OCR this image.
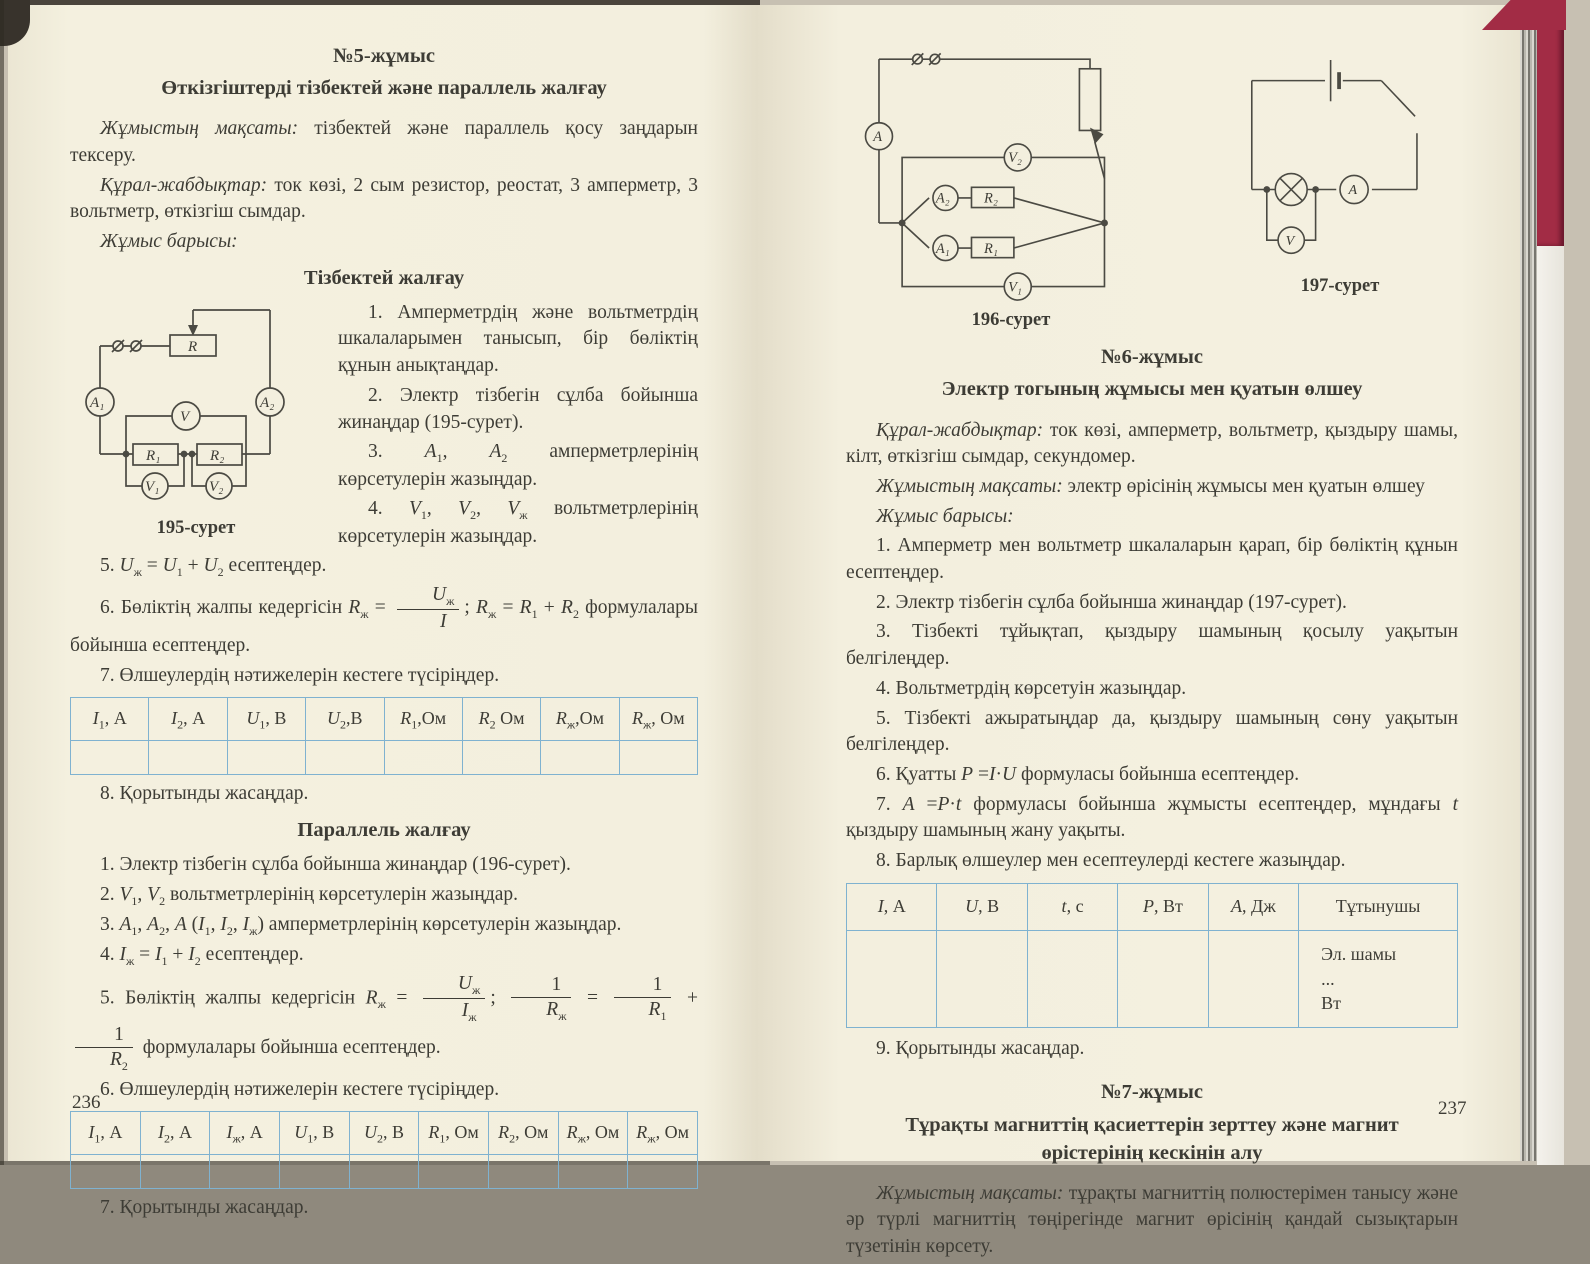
№5-жұмыс

Өткізгіштерді тізбектей және параллель жалғау

Жұмыстың мақсаты: тізбектей және параллель қосу заңдарын тексеру.

Құрал-жабдықтар: ток көзі, 2 сым резистор, реостат, 3 амперметр, 3 вольтметр, өткізгіш сымдар.

Жұмыс барысы:

Тізбектей жалғау

R
R₁	R₂
A₁	A₂
V
V₁	V₂
195-сурет

1. Амперметрдің және вольтметрдің шкалаларымен танысып, бір бөліктің құнын анықтаңдар.

2. Электр тізбегін сұлба бойынша жинаңдар (195-сурет).

3. $A_1$, $A_2$ амперметрлерінің көрсетулерін жазыңдар.

4. $V_1$, $V_2$, $V_ж$ вольтметрлерінің көрсетулерін жазыңдар.

5. $U_ж = U_1 + U_2$ есептеңдер.

6. Бөліктің жалпы кедергісін $R_ж = \frac{U_ж}{I}$ ; $R_ж = R_1 + R_2$ формулалары бойынша есептеңдер.

7. Өлшеулердің нәтижелерін кестеге түсіріңдер.

$I_1$, А	$I_2$, А	$U_1$, В	$U_2,В$	$R_1,Ом$	$R_2$ Ом	$R_ж,Ом$	$R_ж$, Ом

8. Қорытынды жасаңдар.

Параллель жалғау

1. Электр тізбегін сұлба бойынша жинаңдар (196-сурет).

2. $V_1$, $V_2$ вольтметрлерінің көрсетулерін жазыңдар.

3. $A_1$, $A_2$, A ($I_1$, $I_2$, $I_ж$) амперметрлерінің көрсетулерін жазыңдар.

4. $I_ж = I_1 + I_2$ есептеңдер.

5. Бөліктің жалпы кедергісін $R_ж = \frac{U_ж}{I_ж}$ ; $\frac{1}{R_ж} = \frac{1}{R_1}$ +
$\frac{1}{R_2}$ формулалары бойынша есептеңдер.

6. Өлшеулердің нәтижелерін кестеге түсіріңдер.

$I_1$, А	$I_2$, А	$I_ж$, А	$U_1$, В	$U_2$, В	$R_1$, Ом	$R_2$, Ом	$R_ж$, Ом	$R_ж$, Ом

7. Қорытынды жасаңдар.

236
R₂
R₁
A
A₂
A₁
V₂
V₁
196-сурет
V
A
197-сурет

№6-жұмыс

Электр тогының жұмысы мен қуатын өлшеу

Құрал-жабдықтар: ток көзі, амперметр, вольтметр, қыздыру шамы, кілт, өткізгіш сымдар, секундомер.

Жұмыстың мақсаты: электр өрісінің жұмысы мен қуатын өлшеу

Жұмыс барысы:

1. Амперметр мен вольтметр шкалаларын қарап, бір бөліктің құнын есептеңдер.

2. Электр тізбегін сұлба бойынша жинаңдар (197-сурет).

3. Тізбекті тұйықтап, қыздыру шамының қосылу уақытын белгілеңдер.

4. Вольтметрдің көрсетуін жазыңдар.

5. Тізбекті ажыратыңдар да, қыздыру шамының сөну уақытын белгілеңдер.

6. Қуатты P =I·U формуласы бойынша есептеңдер.

7. A =P·t формуласы бойынша жұмысты есептеңдер, мұндағы t қыздыру шамының жану уақыты.

8. Барлық өлшеулер мен есептеулерді кестеге жазыңдар.

I, А	U, В	t, с	P, Вт	A, Дж	Тұтынушы
					Эл. шамы
...
Вт

9. Қорытынды жасаңдар.

№7-жұмыс

Тұрақты магниттің қасиеттерін зерттеу және магнит өрістерінің кескінін алу

Жұмыстың мақсаты: тұрақты магниттің полюстерімен танысу және әр түрлі магниттің төңірегінде магнит өрісінің қандай сызықтарын түзетінін көрсету.

237
